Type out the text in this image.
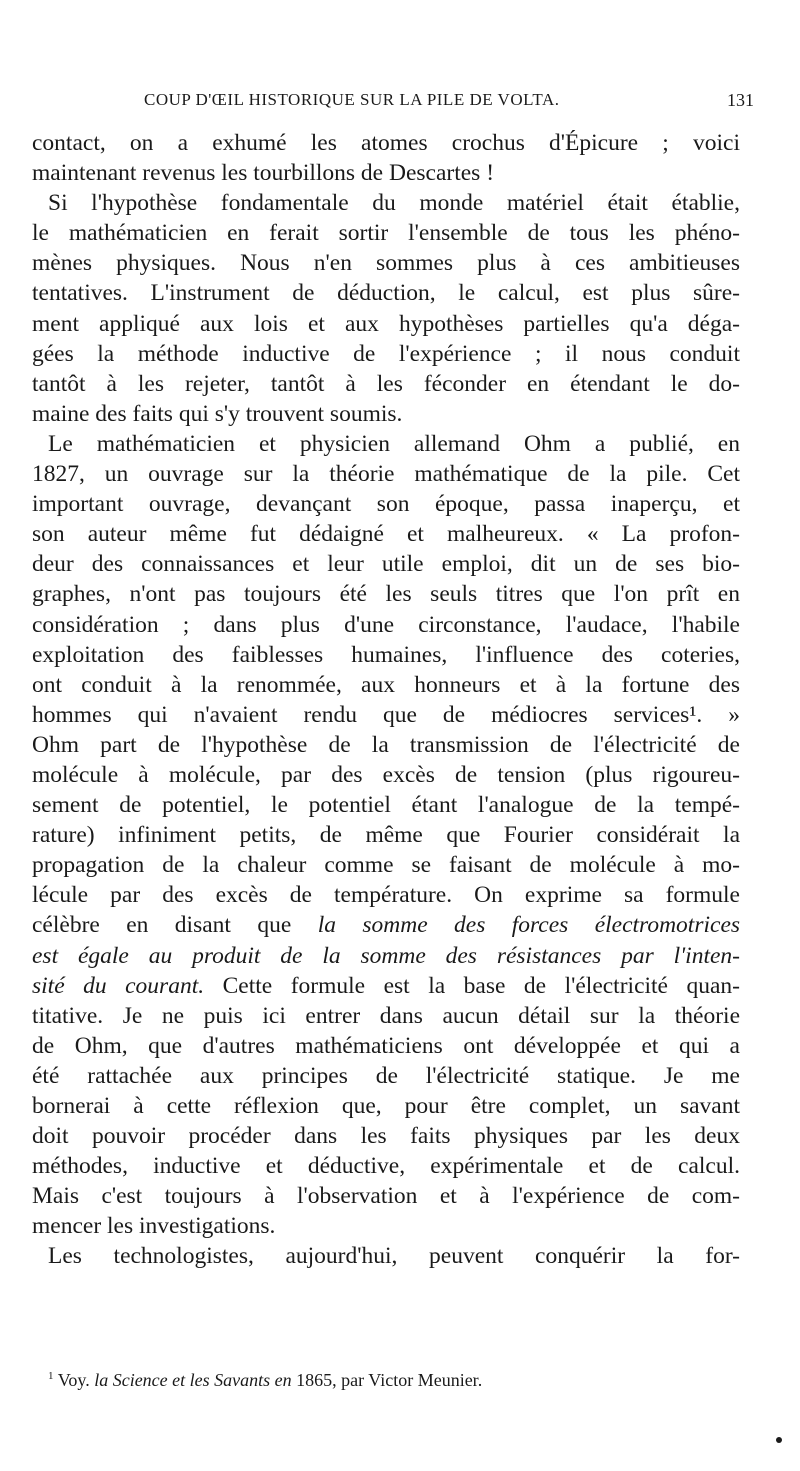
COUP D'ŒIL HISTORIQUE SUR LA PILE DE VOLTA.	131
contact, on a exhumé les atomes crochus d'Épicure ; voici
maintenant revenus les tourbillons de Descartes !
Si l'hypothèse fondamentale du monde matériel était établie,
le mathématicien en ferait sortir l'ensemble de tous les phéno-
mènes physiques. Nous n'en sommes plus à ces ambitieuses
tentatives. L'instrument de déduction, le calcul, est plus sûre-
ment appliqué aux lois et aux hypothèses partielles qu'a déga-
gées la méthode inductive de l'expérience ; il nous conduit
tantôt à les rejeter, tantôt à les féconder en étendant le do-
maine des faits qui s'y trouvent soumis.
Le mathématicien et physicien allemand Ohm a publié, en
1827, un ouvrage sur la théorie mathématique de la pile. Cet
important ouvrage, devançant son époque, passa inaperçu, et
son auteur même fut dédaigné et malheureux. « La profon-
deur des connaissances et leur utile emploi, dit un de ses bio-
graphes, n'ont pas toujours été les seuls titres que l'on prît en
considération ; dans plus d'une circonstance, l'audace, l'habile
exploitation des faiblesses humaines, l'influence des coteries,
ont conduit à la renommée, aux honneurs et à la fortune des
hommes qui n'avaient rendu que de médiocres services¹. »
Ohm part de l'hypothèse de la transmission de l'électricité de
molécule à molécule, par des excès de tension (plus rigoureu-
sement de potentiel, le potentiel étant l'analogue de la tempé-
rature) infiniment petits, de même que Fourier considérait la
propagation de la chaleur comme se faisant de molécule à mo-
lécule par des excès de température. On exprime sa formule
célèbre en disant que la somme des forces électromotrices
est égale au produit de la somme des résistances par l'inten-
sité du courant. Cette formule est la base de l'électricité quan-
titative. Je ne puis ici entrer dans aucun détail sur la théorie
de Ohm, que d'autres mathématiciens ont développée et qui a
été rattachée aux principes de l'électricité statique. Je me
bornerai à cette réflexion que, pour être complet, un savant
doit pouvoir procéder dans les faits physiques par les deux
méthodes, inductive et déductive, expérimentale et de calcul.
Mais c'est toujours à l'observation et à l'expérience de com-
mencer les investigations.
Les technologistes, aujourd'hui, peuvent conquérir la for-
$^1$ Voy. la Science et les Savants en 1865, par Victor Meunier.
